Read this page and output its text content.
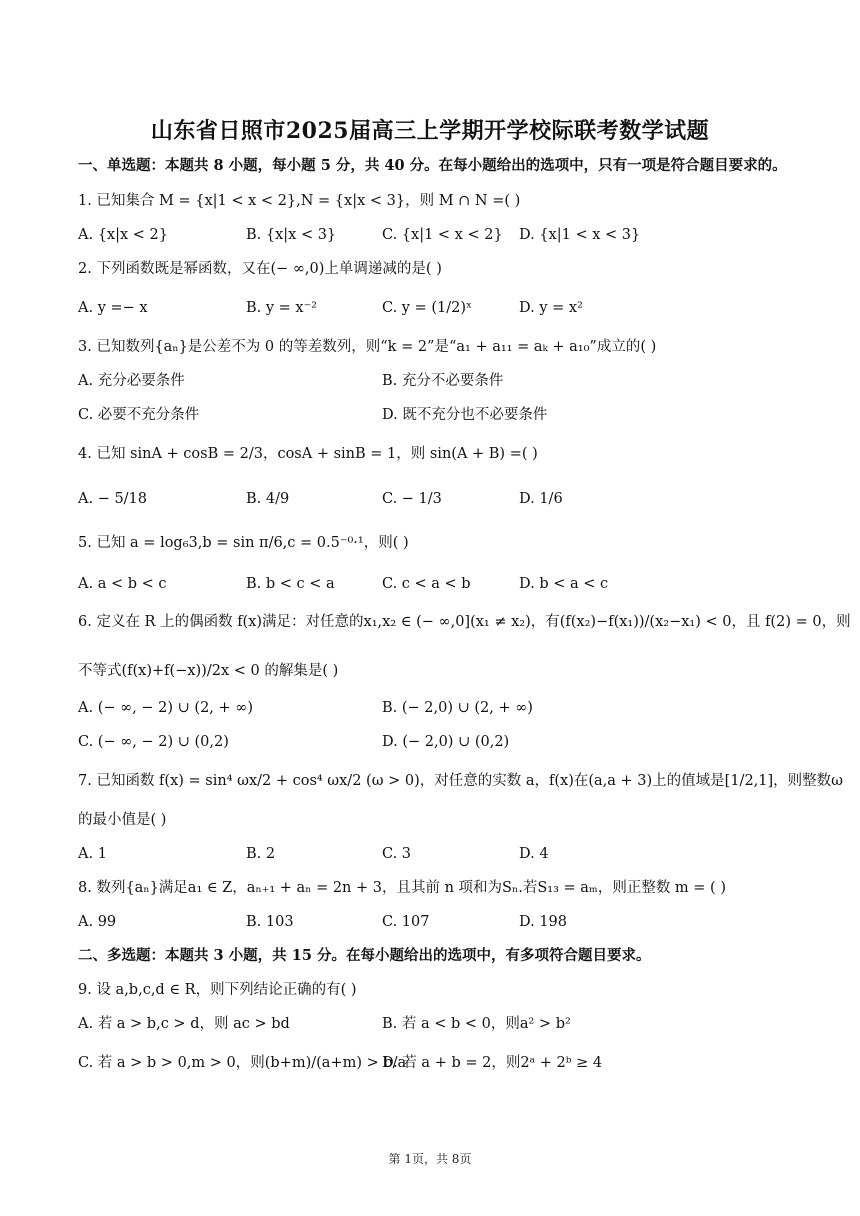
山东省日照市2025届高三上学期开学校际联考数学试题
一、单选题：本题共 8 小题，每小题 5 分，共 40 分。在每小题给出的选项中，只有一项是符合题目要求的。
1. 已知集合 M = {x|1 < x < 2},N = {x|x < 3}，则 M ∩ N =( )
A. {x|x < 2}	B. {x|x < 3}	C. {x|1 < x < 2} D. {x|1 < x < 3}
2. 下列函数既是幂函数，又在(− ∞,0)上单调递减的是( )
A. y =− x	B. y = x⁻²	C. y = (1/2)ˣ	D. y = x²
3. 已知数列{aₙ}是公差不为 0 的等差数列，则“k = 2”是“a₁ + a₁₁ = aₖ + a₁₀”成立的( )
A. 充分必要条件	B. 充分不必要条件
C. 必要不充分条件	D. 既不充分也不必要条件
4. 已知 sinA + cosB = 2/3，cosA + sinB = 1，则 sin(A + B) =( )
A. − 5/18	B. 4/9	C. − 1/3	D. 1/6
5. 已知 a = log₆3,b = sin π/6,c = 0.5⁻⁰·¹，则( )
A. a < b < c	B. b < c < a	C. c < a < b	D. b < a < c
6. 定义在 R 上的偶函数 f(x)满足：对任意的x₁,x₂ ∈ (− ∞,0](x₁ ≠ x₂)，有(f(x₂)−f(x₁))/(x₂−x₁) < 0，且 f(2) = 0，则
不等式(f(x)+f(−x))/2x < 0 的解集是( )
A. (− ∞, − 2) ∪ (2, + ∞)	B. (− 2,0) ∪ (2, + ∞)
C. (− ∞, − 2) ∪ (0,2)	D. (− 2,0) ∪ (0,2)
7. 已知函数 f(x) = sin⁴ ωx/2 + cos⁴ ωx/2 (ω > 0)，对任意的实数 a，f(x)在(a,a + 3)上的值域是[1/2,1]，则整数ω
的最小值是( )
A. 1	B. 2	C. 3	D. 4
8. 数列{aₙ}满足a₁ ∈ Z，aₙ₊₁ + aₙ = 2n + 3，且其前 n 项和为Sₙ.若S₁₃ = aₘ，则正整数 m = ( )
A. 99	B. 103	C. 107	D. 198
二、多选题：本题共 3 小题，共 15 分。在每小题给出的选项中，有多项符合题目要求。
9. 设 a,b,c,d ∈ R，则下列结论正确的有( )
A. 若 a > b,c > d，则 ac > bd	B. 若 a < b < 0，则a² > b²
C. 若 a > b > 0,m > 0，则(b+m)/(a+m) > b/a
D. 若 a + b = 2，则2ᵃ + 2ᵇ ≥ 4
第 1页，共 8页
